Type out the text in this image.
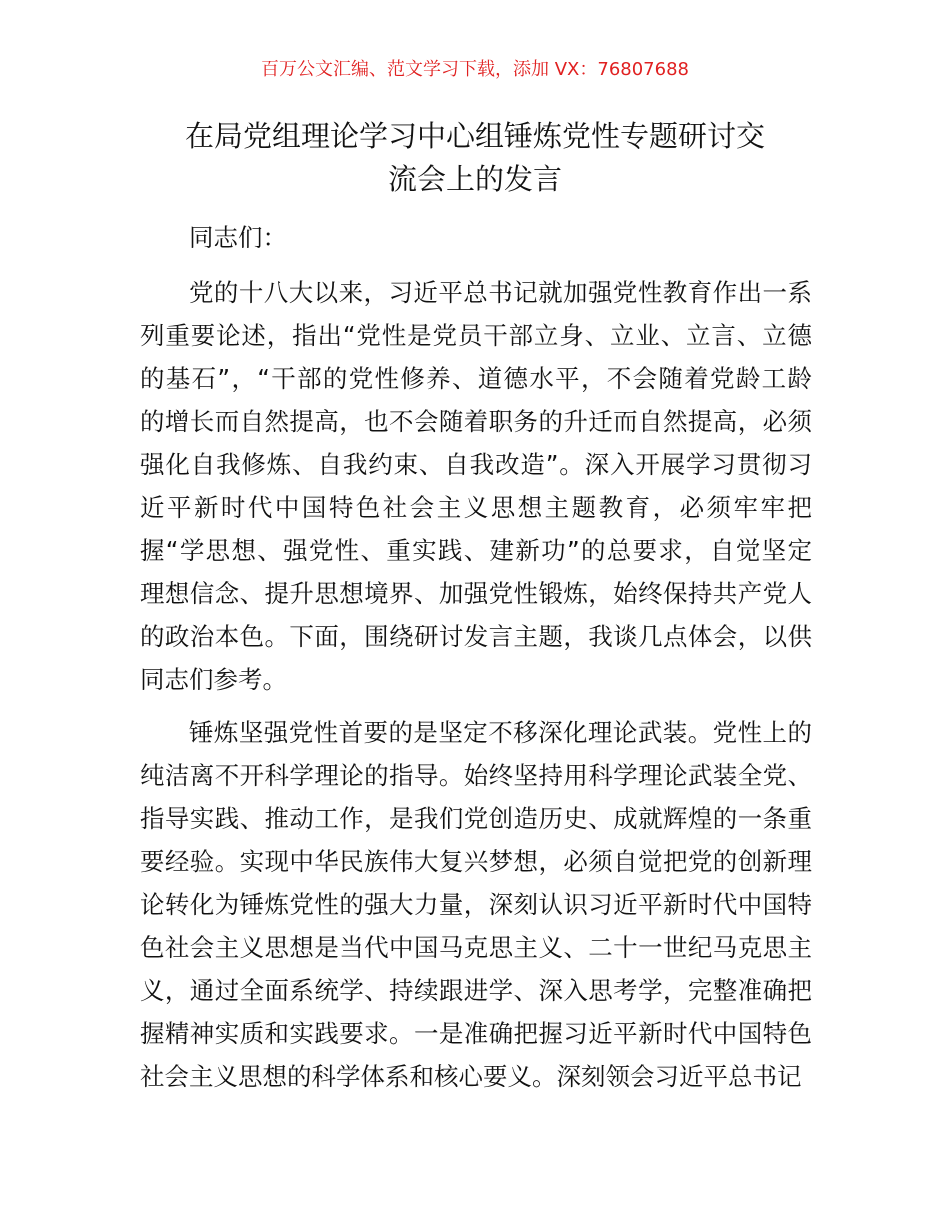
百万公文汇编、范文学习下载，添加 VX：76807688
在局党组理论学习中心组锤炼党性专题研讨交
流会上的发言
同志们：
党的十八大以来，习近平总书记就加强党性教育作出一系
列重要论述，指出“党性是党员干部立身、立业、立言、立德
的基石”，“干部的党性修养、道德水平，不会随着党龄工龄
的增长而自然提高，也不会随着职务的升迁而自然提高，必须
强化自我修炼、自我约束、自我改造”。深入开展学习贯彻习
近平新时代中国特色社会主义思想主题教育，必须牢牢把
握“学思想、强党性、重实践、建新功”的总要求，自觉坚定
理想信念、提升思想境界、加强党性锻炼，始终保持共产党人
的政治本色。下面，围绕研讨发言主题，我谈几点体会，以供
同志们参考。
锤炼坚强党性首要的是坚定不移深化理论武装。党性上的
纯洁离不开科学理论的指导。始终坚持用科学理论武装全党、
指导实践、推动工作，是我们党创造历史、成就辉煌的一条重
要经验。实现中华民族伟大复兴梦想，必须自觉把党的创新理
论转化为锤炼党性的强大力量，深刻认识习近平新时代中国特
色社会主义思想是当代中国马克思主义、二十一世纪马克思主
义，通过全面系统学、持续跟进学、深入思考学，完整准确把
握精神实质和实践要求。一是准确把握习近平新时代中国特色
社会主义思想的科学体系和核心要义。深刻领会习近平总书记
